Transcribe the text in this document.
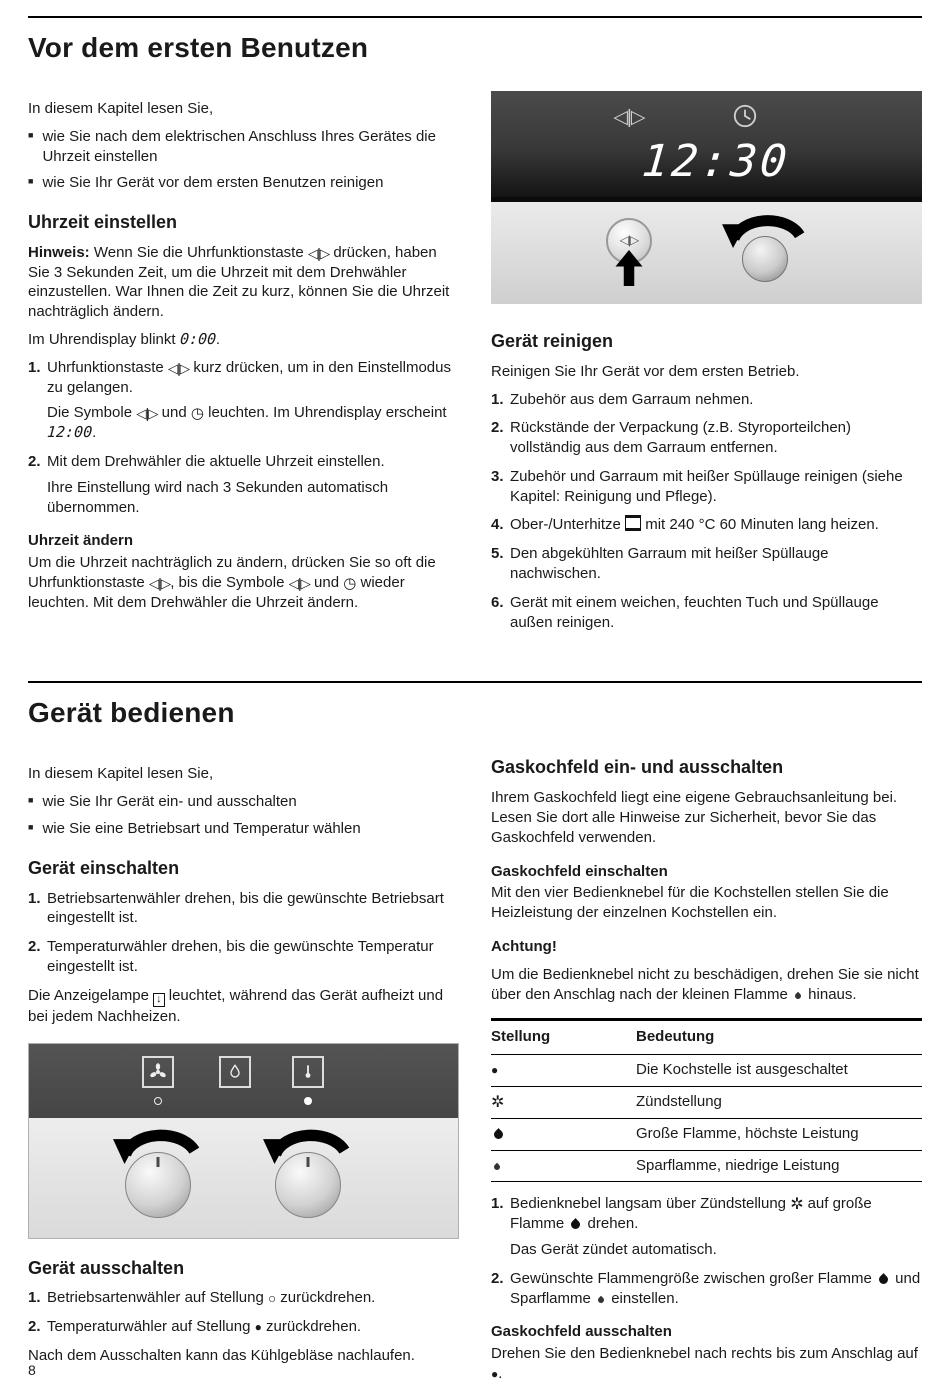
Vor dem ersten Benutzen

In diesem Kapitel lesen Sie,

■ wie Sie nach dem elektrischen Anschluss Ihres Gerätes die Uhrzeit einstellen
■ wie Sie Ihr Gerät vor dem ersten Benutzen reinigen
Uhrzeit einstellen

Hinweis: Wenn Sie die Uhrfunktionstaste ◁|▷ drücken, haben Sie 3 Sekunden Zeit, um die Uhrzeit mit dem Drehwähler einzustellen. War Ihnen die Zeit zu kurz, können Sie die Uhrzeit nachträglich ändern.

Im Uhrendisplay blinkt 0:00.

Uhrfunktionstaste ◁|▷ kurz drücken, um in den Einstellmodus zu gelangen.
Die Symbole ◁|▷ und ◷ leuchten. Im Uhrendisplay erscheint 12:00.
Mit dem Drehwähler die aktuelle Uhrzeit einstellen.
Ihre Einstellung wird nach 3 Sekunden automatisch übernommen.
Uhrzeit ändern

Um die Uhrzeit nachträglich zu ändern, drücken Sie so oft die Uhrfunktionstaste ◁|▷, bis die Symbole ◁|▷ und ◷ wieder leuchten. Mit dem Drehwähler die Uhrzeit ändern.

◁|▷
12:30
◁|▷
Gerät reinigen

Reinigen Sie Ihr Gerät vor dem ersten Betrieb.

Zubehör aus dem Garraum nehmen.
Rückstände der Verpackung (z.B. Styroporteilchen) vollständig aus dem Garraum entfernen.
Zubehör und Garraum mit heißer Spüllauge reinigen (siehe Kapitel: Reinigung und Pflege).
Ober-/Unterhitze  mit 240 °C 60 Minuten lang heizen.
Den abgekühlten Garraum mit heißer Spüllauge nachwischen.
Gerät mit einem weichen, feuchten Tuch und Spüllauge außen reinigen.
Gerät bedienen

In diesem Kapitel lesen Sie,

■ wie Sie Ihr Gerät ein- und ausschalten
■ wie Sie eine Betriebsart und Temperatur wählen
Gerät einschalten
Betriebsartenwähler drehen, bis die gewünschte Betriebsart eingestellt ist.
Temperaturwähler drehen, bis die gewünschte Temperatur eingestellt ist.

Die Anzeigelampe ↓ leuchtet, während das Gerät aufheizt und bei jedem Nachheizen.

Gerät ausschalten
Betriebsartenwähler auf Stellung ○ zurückdrehen.
Temperaturwähler auf Stellung ● zurückdrehen.

Nach dem Ausschalten kann das Kühlgebläse nachlaufen.

Gaskochfeld ein- und ausschalten

Ihrem Gaskochfeld liegt eine eigene Gebrauchsanleitung bei. Lesen Sie dort alle Hinweise zur Sicherheit, bevor Sie das Gaskochfeld verwenden.

Gaskochfeld einschalten

Mit den vier Bedienknebel für die Kochstellen stellen Sie die Heizleistung der einzelnen Kochstellen ein.

Achtung!

Um die Bedienknebel nicht zu beschädigen, drehen Sie sie nicht über den Anschlag nach der kleinen Flamme  hinaus.

Stellung	Bedeutung
●	Die Kochstelle ist ausgeschaltet
✲	Zündstellung
	Große Flamme, höchste Leistung
	Sparflamme, niedrige Leistung
Bedienknebel langsam über Zündstellung ✲ auf große Flamme  drehen.
Das Gerät zündet automatisch.
Gewünschte Flammengröße zwischen großer Flamme  und Sparflamme  einstellen.
Gaskochfeld ausschalten

Drehen Sie den Bedienknebel nach rechts bis zum Anschlag auf ●.

8
